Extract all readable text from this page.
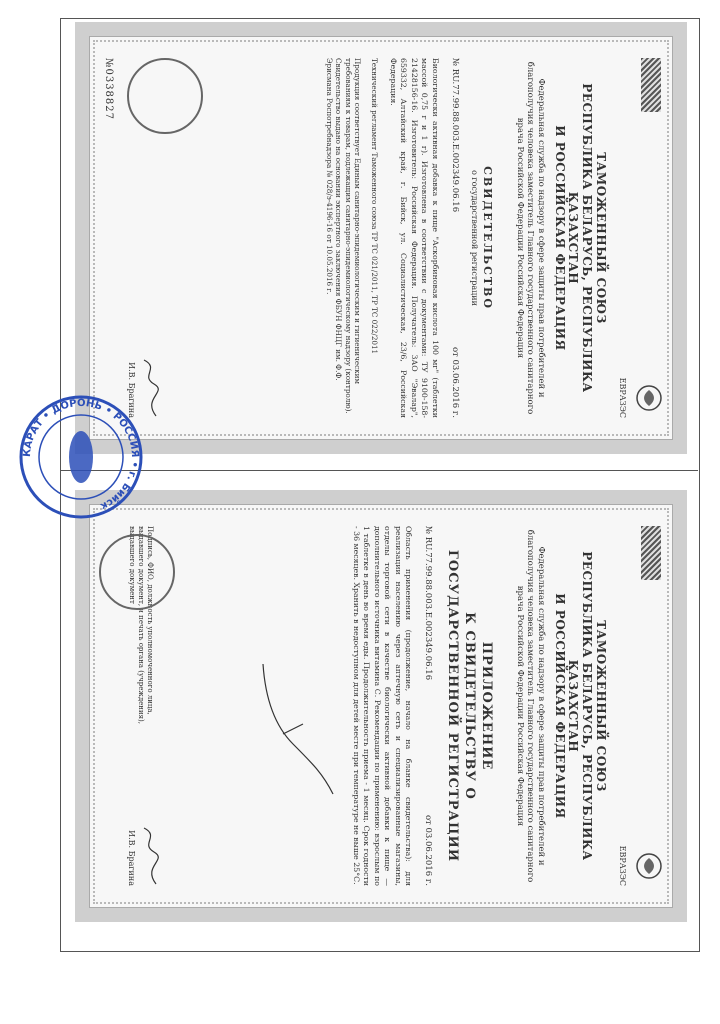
ЕВРАЗЭС
ТАМОЖЕННЫЙ СОЮЗ
РЕСПУБЛИКА БЕЛАРУСЬ, РЕСПУБЛИКА КАЗАХСТАН
И РОССИЙСКАЯ ФЕДЕРАЦИЯ
Федеральная служба по надзору в сфере защиты прав потребителей и благополучия человека заместитель Главного государственного санитарного врача Российской Федерации Российская Федерация
СВИДЕТЕЛЬСТВО
о государственной регистрации
№ RU.77.99.88.003.E.002349.06.16
от 03.06.2016 г.
Биологически активная добавка к пище "Аскорбиновая кислота 100 мг" (таблетки массой 0,75 г и 1 г). Изготовлена в соответствии с документами: ТУ 9100-158-21428156-16. Изготовитель: Российская Федерация. Получатель: ЗАО "Эвалар", 659332, Алтайский край, г. Бийск, ул. Социалистическая, 23/6, Российская Федерация.
Технический регламент Таможенного союза ТР ТС 021/2011, ТР ТС 022/2011
Продукция соответствует Единым санитарно-эпидемиологическим и гигиеническим требованиям к товарам, подлежащим санитарно-эпидемиологическому надзору (контролю). Свидетельство выдано на основании экспертного заключения ФБУН ФНЦГ им. Ф.Ф. Эрисмана Роспотребнадзора № 028/э-4196-16 от 10.05.2016 г.
И.В. Брагина
№0338827
ЕВРАЗЭС
ТАМОЖЕННЫЙ СОЮЗ
РЕСПУБЛИКА БЕЛАРУСЬ, РЕСПУБЛИКА КАЗАХСТАН
И РОССИЙСКАЯ ФЕДЕРАЦИЯ
Федеральная служба по надзору в сфере защиты прав потребителей и благополучия человека заместитель Главного государственного санитарного врача Российской Федерации Российская Федерация
ПРИЛОЖЕНИЕ
К СВИДЕТЕЛЬСТВУ О ГОСУДАРСТВЕННОЙ РЕГИСТРАЦИИ
№ RU.77.99.88.003.E.002349.06.16
от 03.06.2016 г.
Область применения (продолжение, начало на бланке свидетельства): для реализации населению через аптечную сеть и специализированные магазины, отделы торговой сети в качестве биологически активной добавки к пище — дополнительного источника витамина С. Рекомендации по применению: взрослым по 1 таблетке в день во время еды. Продолжительность приема - 1 месяц. Срок годности - 36 месяцев. Хранить в недоступном для детей месте при температуре не выше 25°С.
Подпись, ФИО, должность уполномоченного лица, выдавшего документ, и печать органа (учреждения), выдавшего документ
И.В. Брагина
КАРАТ • ДОРОНЬ • РОССИЯ • г. Бийск
